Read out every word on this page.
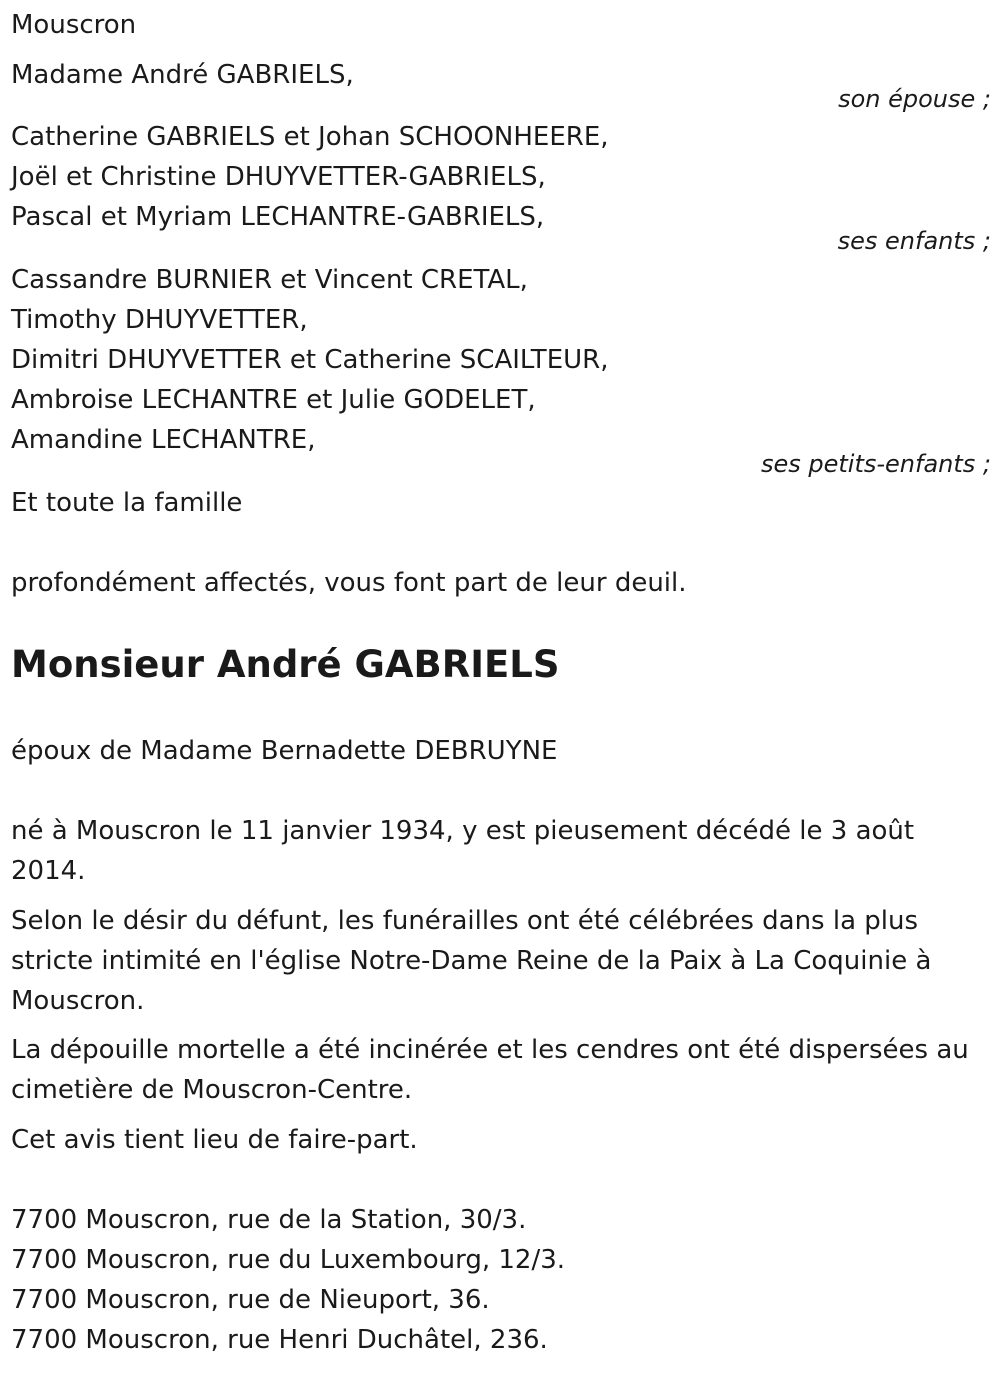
Mouscron
Madame André GABRIELS,
son épouse ;
Catherine GABRIELS et Johan SCHOONHEERE,
Joël et Christine DHUYVETTER-GABRIELS,
Pascal et Myriam LECHANTRE-GABRIELS,
ses enfants ;
Cassandre BURNIER et Vincent CRETAL,
Timothy DHUYVETTER,
Dimitri DHUYVETTER et Catherine SCAILTEUR,
Ambroise LECHANTRE et Julie GODELET,
Amandine LECHANTRE,
ses petits-enfants ;
Et toute la famille
profondément affectés, vous font part de leur deuil.
Monsieur André GABRIELS
époux de Madame Bernadette DEBRUYNE
né à Mouscron le 11 janvier 1934, y est pieusement décédé le 3 août 2014.
Selon le désir du défunt, les funérailles ont été célébrées dans la plus stricte intimité en l'église Notre-Dame Reine de la Paix à La Coquinie à Mouscron.
La dépouille mortelle a été incinérée et les cendres ont été dispersées au cimetière de Mouscron-Centre.
Cet avis tient lieu de faire-part.
7700 Mouscron, rue de la Station, 30/3.
7700 Mouscron, rue du Luxembourg, 12/3.
7700 Mouscron, rue de Nieuport, 36.
7700 Mouscron, rue Henri Duchâtel, 236.
